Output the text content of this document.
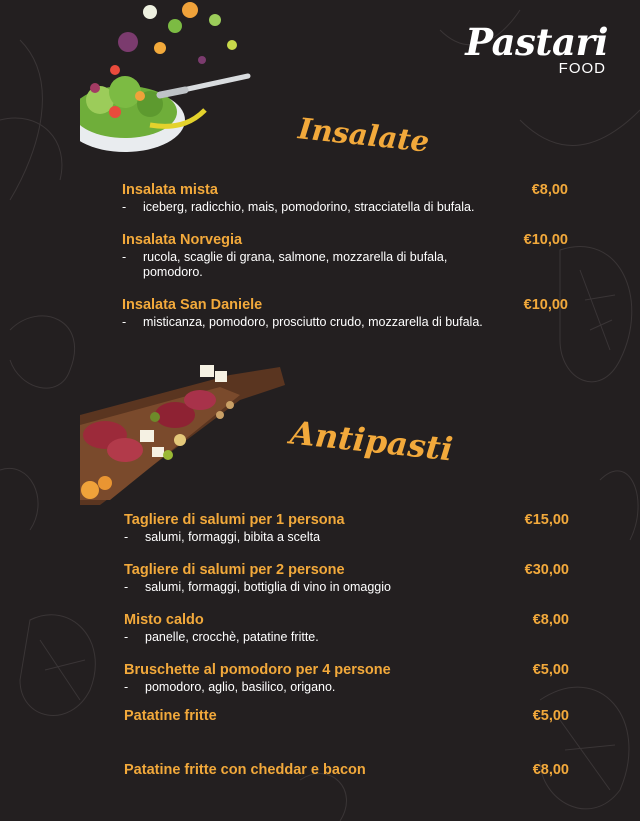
Pastari
FOOD
Insalate
Insalata mista	€8,00
-	iceberg, radicchio, mais, pomodorino, stracciatella di bufala.
Insalata Norvegia	€10,00
-	rucola, scaglie di grana, salmone, mozzarella di bufala, pomodoro.
Insalata San Daniele	€10,00
-	misticanza, pomodoro, prosciutto crudo, mozzarella di bufala.
Antipasti
Tagliere di salumi per 1 persona	€15,00
-	salumi, formaggi, bibita a scelta
Tagliere di salumi per 2 persone	€30,00
-	salumi, formaggi, bottiglia di vino in omaggio
Misto caldo	€8,00
-	panelle, crocchè, patatine fritte.
Bruschette al pomodoro per 4 persone	€5,00
-	pomodoro, aglio, basilico, origano.
Patatine fritte	€5,00
Patatine fritte con cheddar e bacon	€8,00
